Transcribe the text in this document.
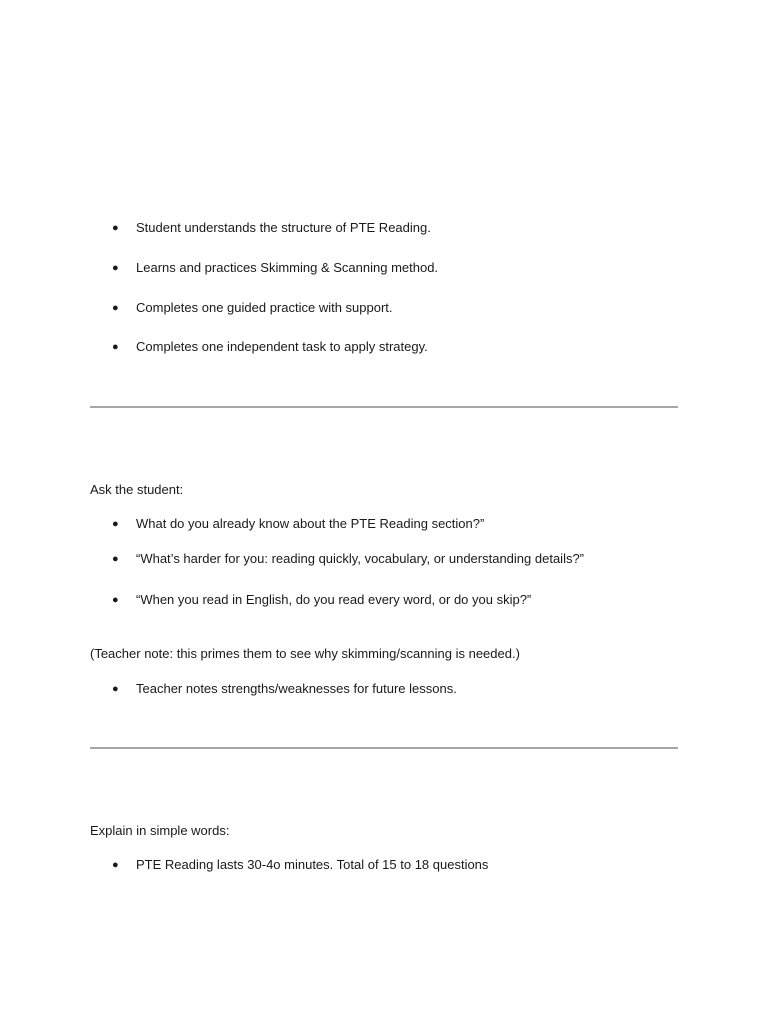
● Student understands the structure of PTE Reading.
● Learns and practices Skimming & Scanning method.
● Completes one guided practice with support.
● Completes one independent task to apply strategy.
Ask the student:
● What do you already know about the PTE Reading section?”
● “What’s harder for you: reading quickly, vocabulary, or understanding details?”
● “When you read in English, do you read every word, or do you skip?”
(Teacher note: this primes them to see why skimming/scanning is needed.)
● Teacher notes strengths/weaknesses for future lessons.
Explain in simple words:
● PTE Reading lasts 30-4o minutes. Total of 15 to 18 questions
